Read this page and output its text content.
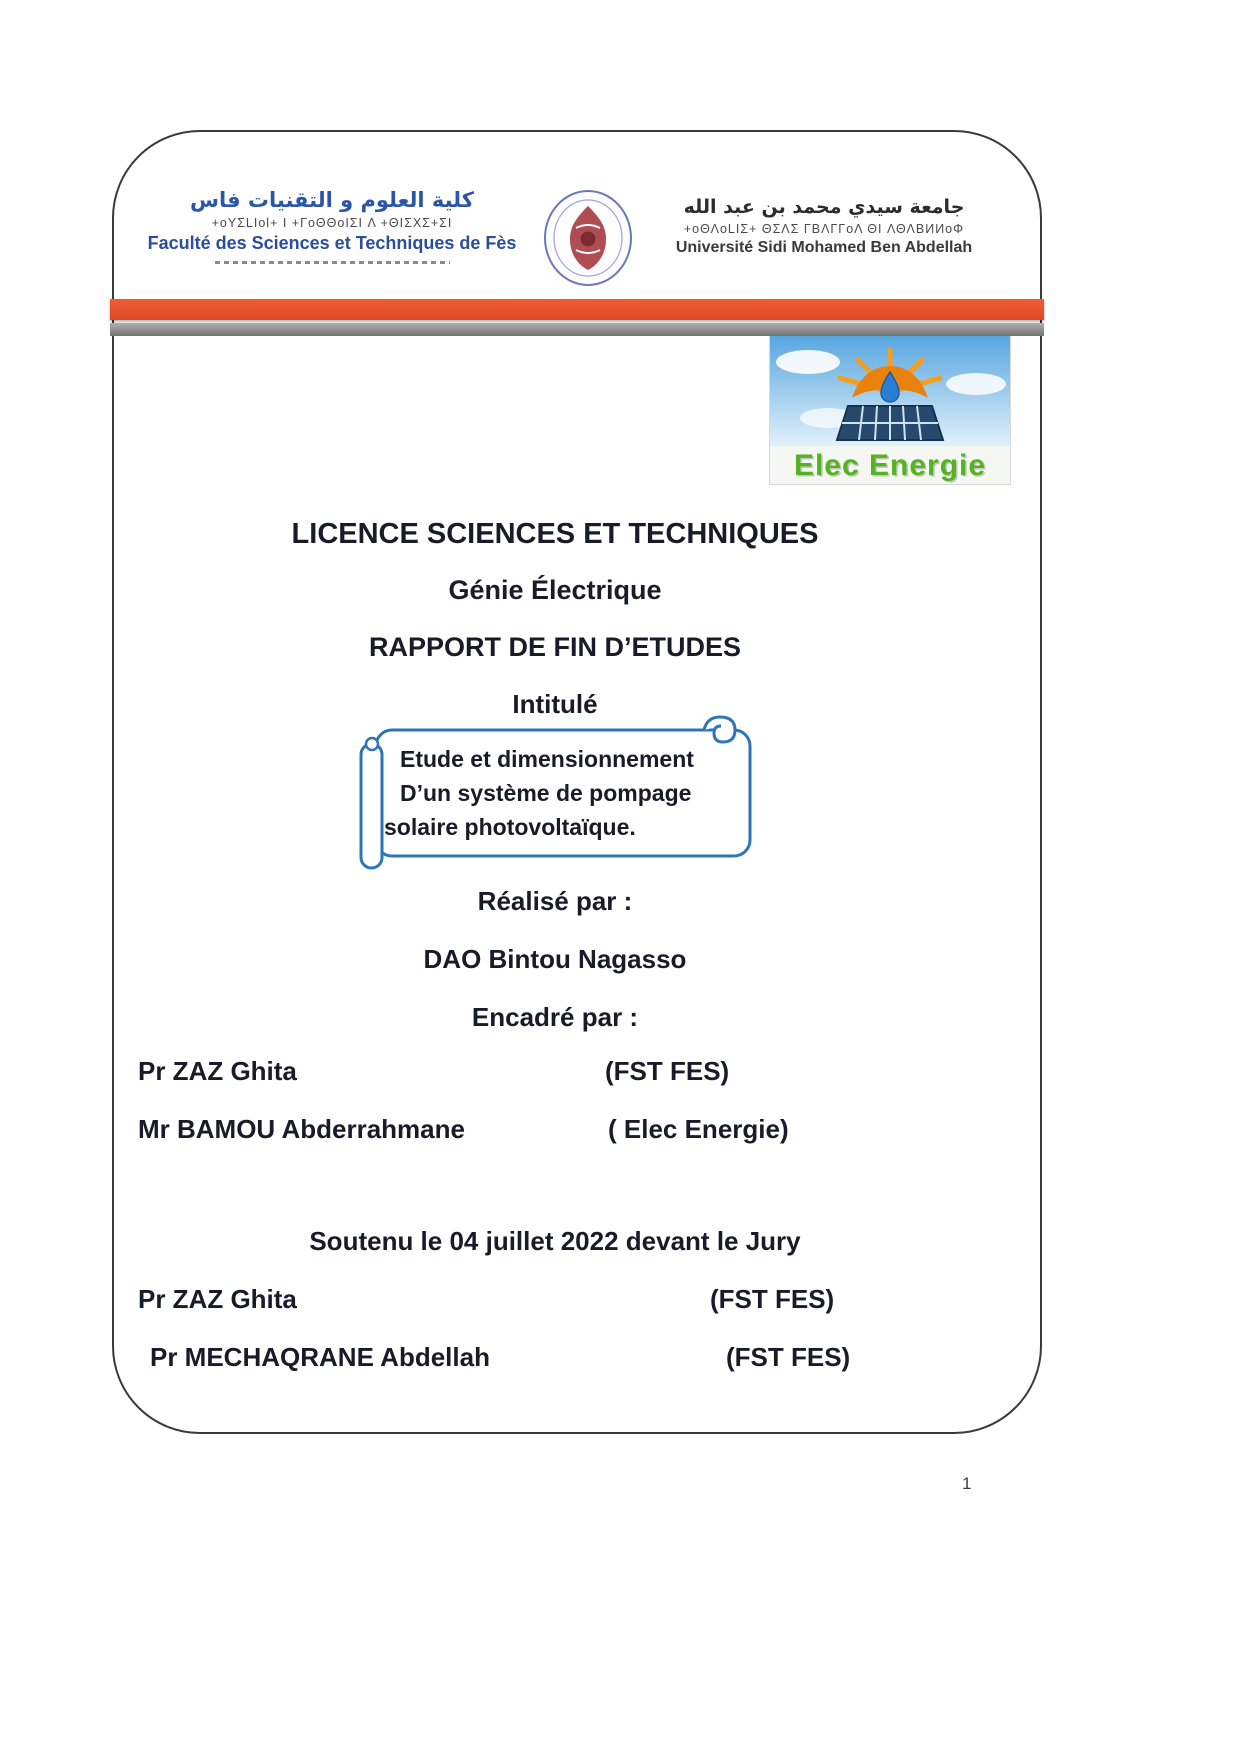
كلية العلوم و التقنيات فاس
+oYΣLIol+ I +ΓoΘΘoIΣI Λ +ΘIΣΧΣ+ΣI
Faculté des Sciences et Techniques de Fès
جامعة سيدي محمد بن عبد الله
+oΘΛoLIΣ+ ΘΣΛΣ ΓBΛΓΓoΛ ΘI ΛΘΛBИИoΦ
Université Sidi Mohamed Ben Abdellah
Elec Energie
LICENCE SCIENCES ET TECHNIQUES
Génie Électrique
RAPPORT DE FIN D’ETUDES
Intitulé
Etude et dimensionnement
D’un système de pompage
solaire photovoltaïque.
Réalisé par :
DAO Bintou Nagasso
Encadré par :
Pr ZAZ Ghita	(FST FES)
Mr BAMOU Abderrahmane	( Elec Energie)
Soutenu le 04 juillet 2022 devant le Jury
Pr ZAZ Ghita	(FST FES)
Pr MECHAQRANE Abdellah	(FST FES)
1
